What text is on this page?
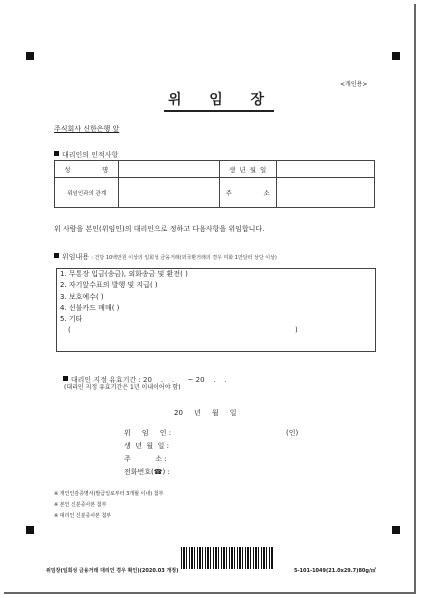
<개인용>
위  임  장
주식회사 신한은행 앞
대리인의 인적사항
성          명		생 년 월 일	
위임인과의 관계		주          소	
위 사람을 본인(위임인)의 대리인으로 정하고 다음사항을 위임합니다.
위임내용 : 건당 10백만원 이상의 일회성 금융거래(외국환거래의 경우 미화 1만달러 상당 이상)
1. 무통장 입금(송금), 외화송금 및 환전( )
2. 자기앞수표의 발행 및 지급( )
3. 보호예수( )
4. 선불카드 매매( )
5. 기타
(	)

대리인 지정 유효기간 : 20    .    .      ~ 20    .    .

(대리인 지정 유효기간은 1년 이내이어야 함)
20     년     월     일
위     임     인 :	(인)
생  년  월  일 :
주           소 :
전화번호(☎) :
※ 개인인감증명서(발급일로부터 3개월 이내) 첨부
※ 본인 신분증사본 첨부
※ 대리인 신분증사본 첨부
위임장(일회성 금융거래 대리인 경우 확인)(2020.03 개정)	5-101-1049(21.0x29.7)80g/㎡
